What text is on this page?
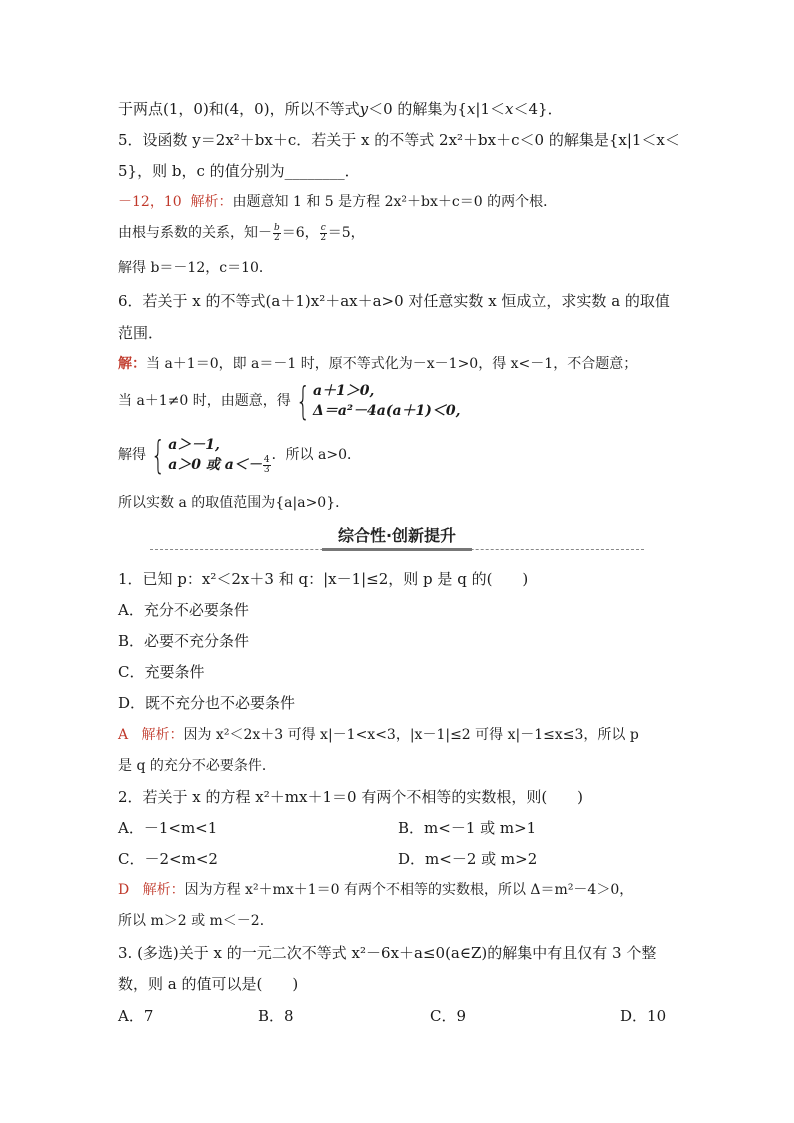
于两点(1，0)和(4，0)，所以不等式y＜0 的解集为{x|1＜x＜4}．
5．设函数 y＝2x²＋bx＋c．若关于 x 的不等式 2x²＋bx＋c＜0 的解集是{x|1＜x＜
5}，则 b，c 的值分别为________．
－12，10 解析：由题意知 1 和 5 是方程 2x²＋bx＋c＝0 的两个根．
由根与系数的关系，知－ $\frac{b}{2} =6$， $\frac{c}{2} =5$，
解得 b＝－12，c＝10．
6．若关于 x 的不等式(a＋1)x²＋ax＋a>0 对任意实数 x 恒成立，求实数 a 的取值
范围．
解：当 a＋1＝0，即 a＝－1 时，原不等式化为－x－1>0，得 x<－1，不合题意；
当 a＋1≠0 时，由题意，得 { a＋1＞0,
Δ＝a²－4a(a＋1)＜0,
解得 { a＞－1,
a＞0 或 $a<- \frac{4}{3}$
．所以 a>0．
所以实数 a 的取值范围为{a|a>0}．
综合性·创新提升
1．已知 p：x²＜2x＋3 和 q：|x－1|≤2，则 p 是 q 的(　　)
A．充分不必要条件
B．必要不充分条件
C．充要条件
D．既不充分也不必要条件
A 解析：因为 x²＜2x＋3 可得 x|－1<x<3，|x－1|≤2 可得 x|－1≤x≤3，所以 p
是 q 的充分不必要条件．
2．若关于 x 的方程 x²＋mx＋1＝0 有两个不相等的实数根，则(　　)
A．－1<m<1	B．m<－1 或 m>1
C．－2<m<2	D．m<－2 或 m>2
D 解析：因为方程 x²＋mx＋1＝0 有两个不相等的实数根，所以 Δ＝m²－4＞0，
所以 m＞2 或 m＜－2．
3. (多选)关于 x 的一元二次不等式 x²－6x＋a≤0(a∈Z)的解集中有且仅有 3 个整
数，则 a 的值可以是(　　)
A．7	B．8	C．9	D．10
